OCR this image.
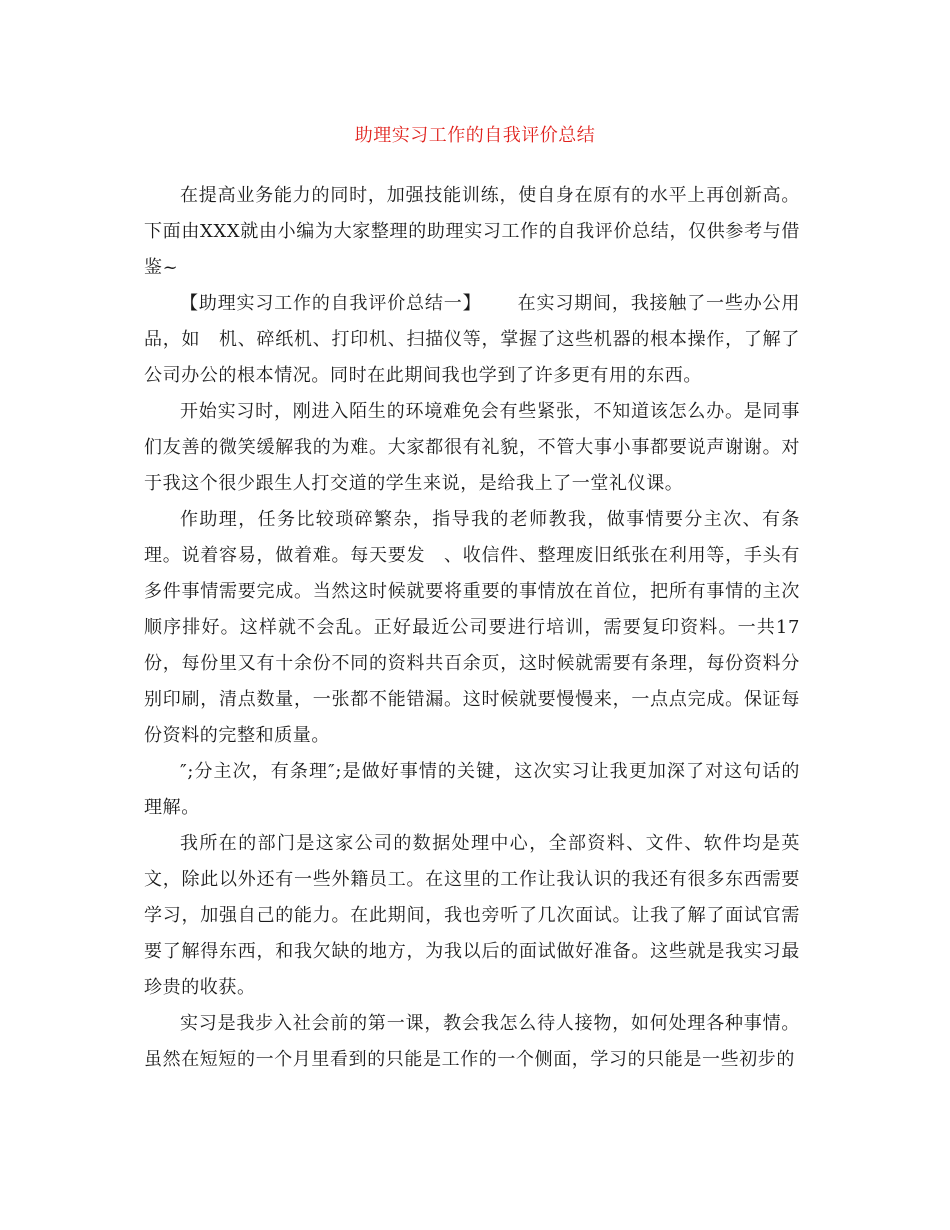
助理实习工作的自我评价总结

在提高业务能力的同时，加强技能训练，使自身在原有的水平上再创新高。下面由XXX就由小编为大家整理的助理实习工作的自我评价总结，仅供参考与借鉴~

【助理实习工作的自我评价总结一】 在实习期间，我接触了一些办公用品，如　机、碎纸机、打印机、扫描仪等，掌握了这些机器的根本操作，了解了公司办公的根本情况。同时在此期间我也学到了许多更有用的东西。

开始实习时，刚进入陌生的环境难免会有些紧张，不知道该怎么办。是同事们友善的微笑缓解我的为难。大家都很有礼貌，不管大事小事都要说声谢谢。对于我这个很少跟生人打交道的学生来说，是给我上了一堂礼仪课。

作助理，任务比较琐碎繁杂，指导我的老师教我，做事情要分主次、有条理。说着容易，做着难。每天要发　、收信件、整理废旧纸张在利用等，手头有多件事情需要完成。当然这时候就要将重要的事情放在首位，把所有事情的主次顺序排好。这样就不会乱。正好最近公司要进行培训，需要复印资料。一共17份，每份里又有十余份不同的资料共百余页，这时候就需要有条理，每份资料分别印刷，清点数量，一张都不能错漏。这时候就要慢慢来，一点点完成。保证每份资料的完整和质量。

″;分主次，有条理″;是做好事情的关键，这次实习让我更加深了对这句话的理解。

我所在的部门是这家公司的数据处理中心，全部资料、文件、软件均是英文，除此以外还有一些外籍员工。在这里的工作让我认识的我还有很多东西需要学习，加强自己的能力。在此期间，我也旁听了几次面试。让我了解了面试官需要了解得东西，和我欠缺的地方，为我以后的面试做好准备。这些就是我实习最珍贵的收获。

实习是我步入社会前的第一课，教会我怎么待人接物，如何处理各种事情。虽然在短短的一个月里看到的只能是工作的一个侧面，学习的只能是一些初步的
